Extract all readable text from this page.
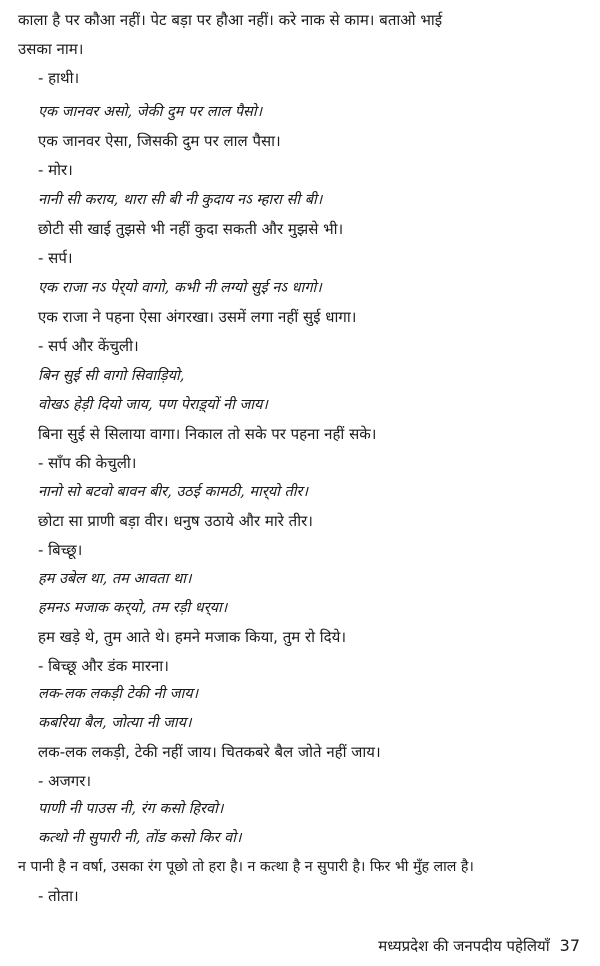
काला है पर कौआ नहीं। पेट बड़ा पर हौआ नहीं। करे नाक से काम। बताओ भाई
उसका नाम।
- हाथी।
एक जानवर असो, जेकी दुम पर लाल पैसो।
एक जानवर ऐसा, जिसकी दुम पर लाल पैसा।
- मोर।
नानी सी कराय, थारा सी बी नी कुदाय नऽ म्हारा सी बी।
छोटी सी खाई तुझसे भी नहीं कुदा सकती और मुझसे भी।
- सर्प।
एक राजा नऽ पेर्‌यो वागो, कभी नी लग्यो सुई नऽ धागो।
एक राजा ने पहना ऐसा अंगरखा। उसमें लगा नहीं सुई धागा।
- सर्प और केंचुली।
बिन सुई सी वागो सिवाड़ियो,
वोखऽ हेड़ी दियो जाय, पण पेराड़्यों नी जाय।
बिना सुई से सिलाया वागा। निकाल तो सके पर पहना नहीं सके।
- साँप की केचुली।
नानो सो बटवो बावन बीर, उठई कामठी, मार्‌यो तीर।
छोटा सा प्राणी बड़ा वीर। धनुष उठाये और मारे तीर।
- बिच्छू।
हम उबेल था, तम आवता था।
हमनऽ मजाक कर्‌यो, तम रड़ी धर्‌या।
हम खड़े थे, तुम आते थे। हमने मजाक किया, तुम रो दिये।
- बिच्छू और डंक मारना।
लक-लक लकड़ी टेकी नी जाय।
कबरिया बैल, जोत्या नी जाय।
लक-लक लकड़ी, टेकी नहीं जाय। चितकबरे बैल जोते नहीं जाय।
- अजगर।
पाणी नी पाउस नी, रंग कसो हिरवो।
कत्थो नी सुपारी नी, तोंड कसो किर वो।
न पानी है न वर्षा, उसका रंग पूछो तो हरा है। न कत्था है न सुपारी है। फिर भी मुँह लाल है।
- तोता।
मध्यप्रदेश की जनपदीय पहेलियाँ 37
